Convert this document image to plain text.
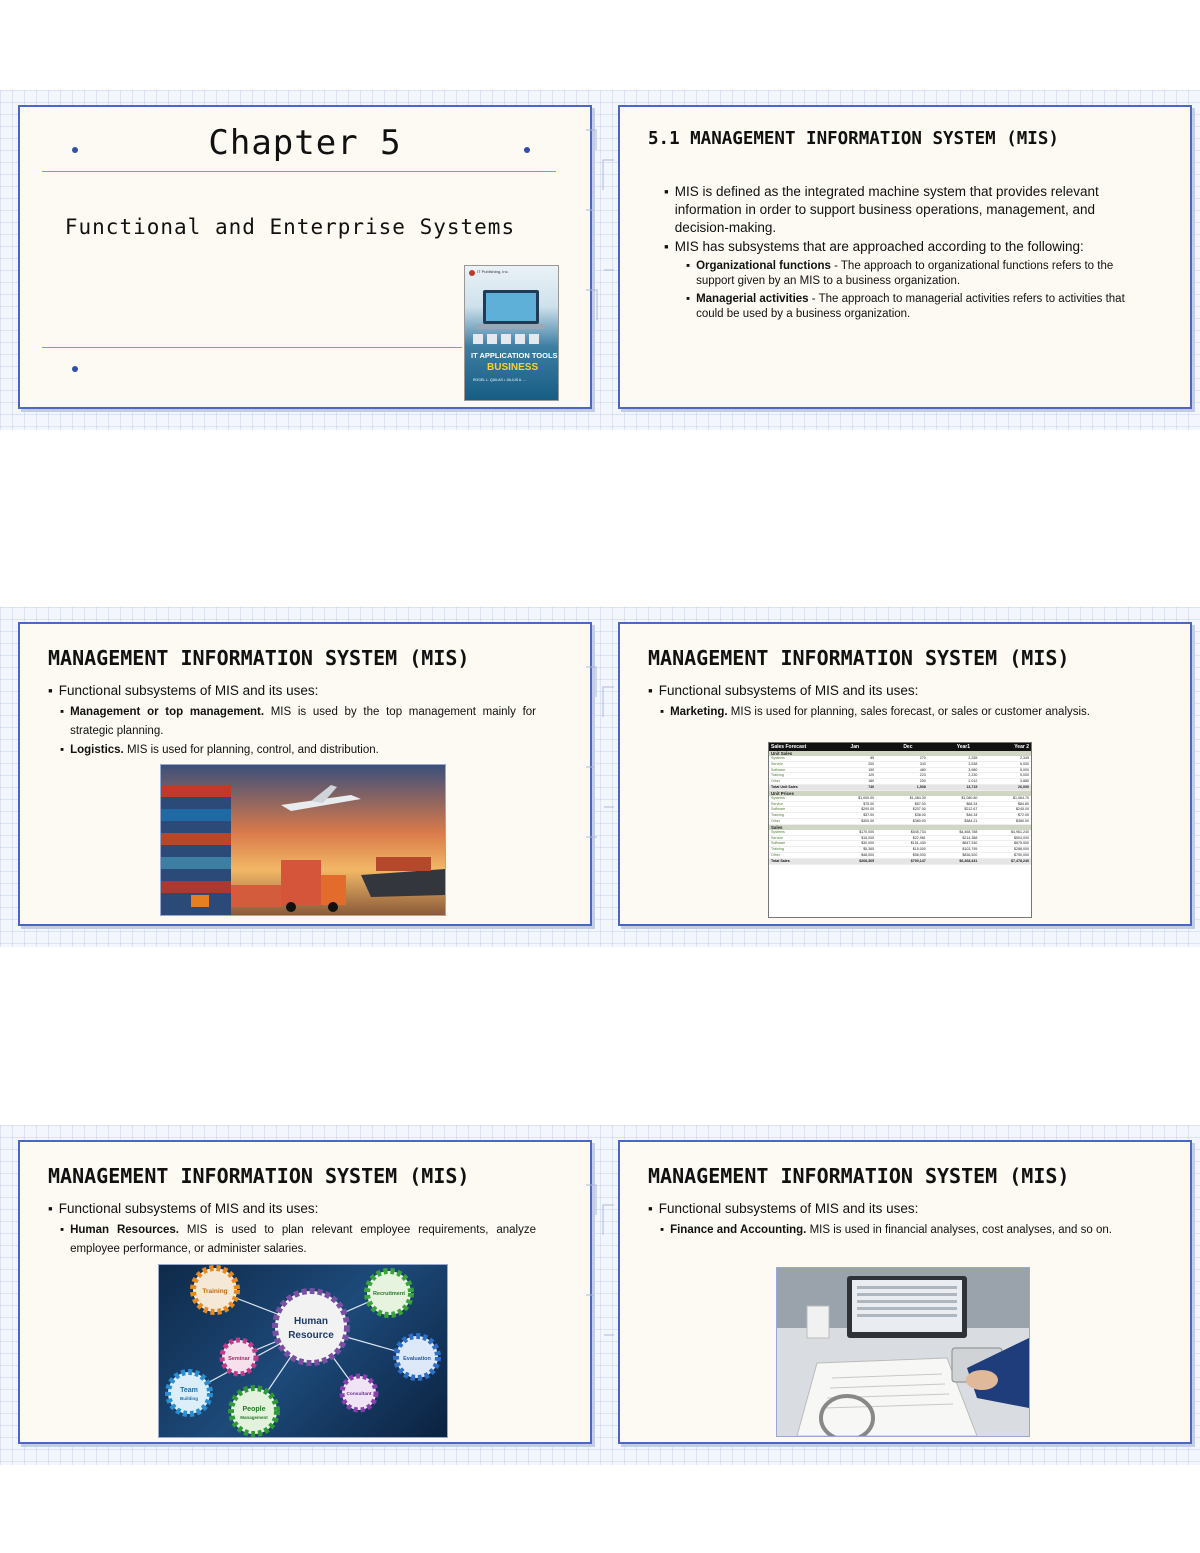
Chapter 5
Functional and Enterprise Systems
IT Publishing, Inc.
IT APPLICATION TOOLS
BUSINESS
ROGEL L. QUILAS • JULIUS A. ...
5.1 MANAGEMENT INFORMATION SYSTEM (MIS)
▪ MIS is defined as the integrated machine system that provides relevant information in order to support business operations, management, and decision-making.
▪ MIS has subsystems that are approached according to the following:
▪ Organizational functions - The approach to organizational functions refers to the support given by an MIS to a business organization.
▪ Managerial activities - The approach to managerial activities refers to activities that could be used by a business organization.
MANAGEMENT INFORMATION SYSTEM (MIS)
▪ Functional subsystems of MIS and its uses:
▪ Management or top management. MIS is used by the top management mainly for strategic planning.
▪ Logistics. MIS is used for planning, control, and distribution.
MANAGEMENT INFORMATION SYSTEM (MIS)
▪ Functional subsystems of MIS and its uses:
▪ Marketing. MIS is used for planning, sales forecast, or sales or customer analysis.
Sales Forecast	Jan	Dec	Year1	Year 2
Unit Sales
Systems	85	270	2,255	2,345
Service	200	343	3,538	6,000
Software	150	480	3,980	5,000
Training	125	223	2,230	5,000
Other	180	200	2,012	3,885
Total Unit Sales	740	1,508	13,715	26,000
Unit Prices
Systems	$1,000.00	$1,084.30	$1,080.80	$1,064.70
Service	$75.00	$67.00	$68.34	$84.80
Software	$200.00	$207.00	$212.67	$245.00
Training	$37.00	$38.00	$46.34	$72.00
Other	$300.00	$380.00	$384.21	$380.00
Sales
Systems	$170,000	$545,734	$4,468,788	$4,961,240
Service	$15,000	$22,981	$214,388	$504,000
Software	$30,000	$151,430	$847,330	$875,000
Training	$5,365	$15,000	$103,795	$288,000
Other	$48,000	$56,000	$836,520	$750,000
Total Sales	$268,365	$790,147	$6,468,431	$7,478,240
MANAGEMENT INFORMATION SYSTEM (MIS)
▪ Functional subsystems of MIS and its uses:
▪ Human Resources. MIS is used to plan relevant employee requirements, analyze employee performance, or administer salaries.
Human
Resource
Training	Recruitment
Seminar	Evaluation
Team
Building
Consultant
People
Management
MANAGEMENT INFORMATION SYSTEM (MIS)
▪ Functional subsystems of MIS and its uses:
▪ Finance and Accounting. MIS is used in financial analyses, cost analyses, and so on.
